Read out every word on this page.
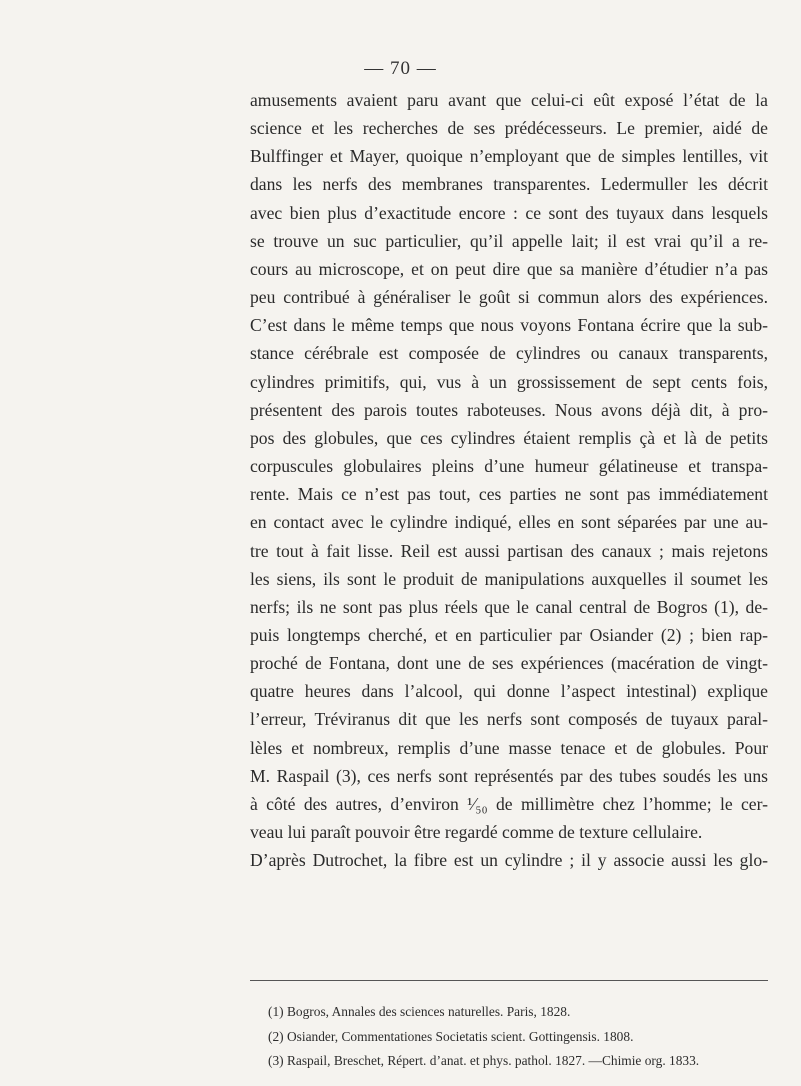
— 70 —
amusements avaient paru avant que celui-ci eût exposé l’état de la
science et les recherches de ses prédécesseurs. Le premier, aidé de
Bulffinger et Mayer, quoique n’employant que de simples lentilles, vit
dans les nerfs des membranes transparentes. Ledermuller les décrit
avec bien plus d’exactitude encore : ce sont des tuyaux dans lesquels
se trouve un suc particulier, qu’il appelle lait; il est vrai qu’il a re-
cours au microscope, et on peut dire que sa manière d’étudier n’a pas
peu contribué à généraliser le goût si commun alors des expériences.
C’est dans le même temps que nous voyons Fontana écrire que la sub-
stance cérébrale est composée de cylindres ou canaux transparents,
cylindres primitifs, qui, vus à un grossissement de sept cents fois,
présentent des parois toutes raboteuses. Nous avons déjà dit, à pro-
pos des globules, que ces cylindres étaient remplis çà et là de petits
corpuscules globulaires pleins d’une humeur gélatineuse et transpa-
rente. Mais ce n’est pas tout, ces parties ne sont pas immédiatement
en contact avec le cylindre indiqué, elles en sont séparées par une au-
tre tout à fait lisse. Reil est aussi partisan des canaux ; mais rejetons
les siens, ils sont le produit de manipulations auxquelles il soumet les
nerfs; ils ne sont pas plus réels que le canal central de Bogros (1), de-
puis longtemps cherché, et en particulier par Osiander (2) ; bien rap-
proché de Fontana, dont une de ses expériences (macération de vingt-
quatre heures dans l’alcool, qui donne l’aspect intestinal) explique
l’erreur, Tréviranus dit que les nerfs sont composés de tuyaux paral-
lèles et nombreux, remplis d’une masse tenace et de globules. Pour
M. Raspail (3), ces nerfs sont représentés par des tubes soudés les uns
à côté des autres, d’environ ¹⁄₅₀ de millimètre chez l’homme; le cer-
veau lui paraît pouvoir être regardé comme de texture cellulaire.
D’après Dutrochet, la fibre est un cylindre ; il y associe aussi les glo-
(1) Bogros, Annales des sciences naturelles. Paris, 1828.
(2) Osiander, Commentationes Societatis scient. Gottingensis. 1808.
(3) Raspail, Breschet, Répert. d’anat. et phys. pathol. 1827. —Chimie org. 1833.
